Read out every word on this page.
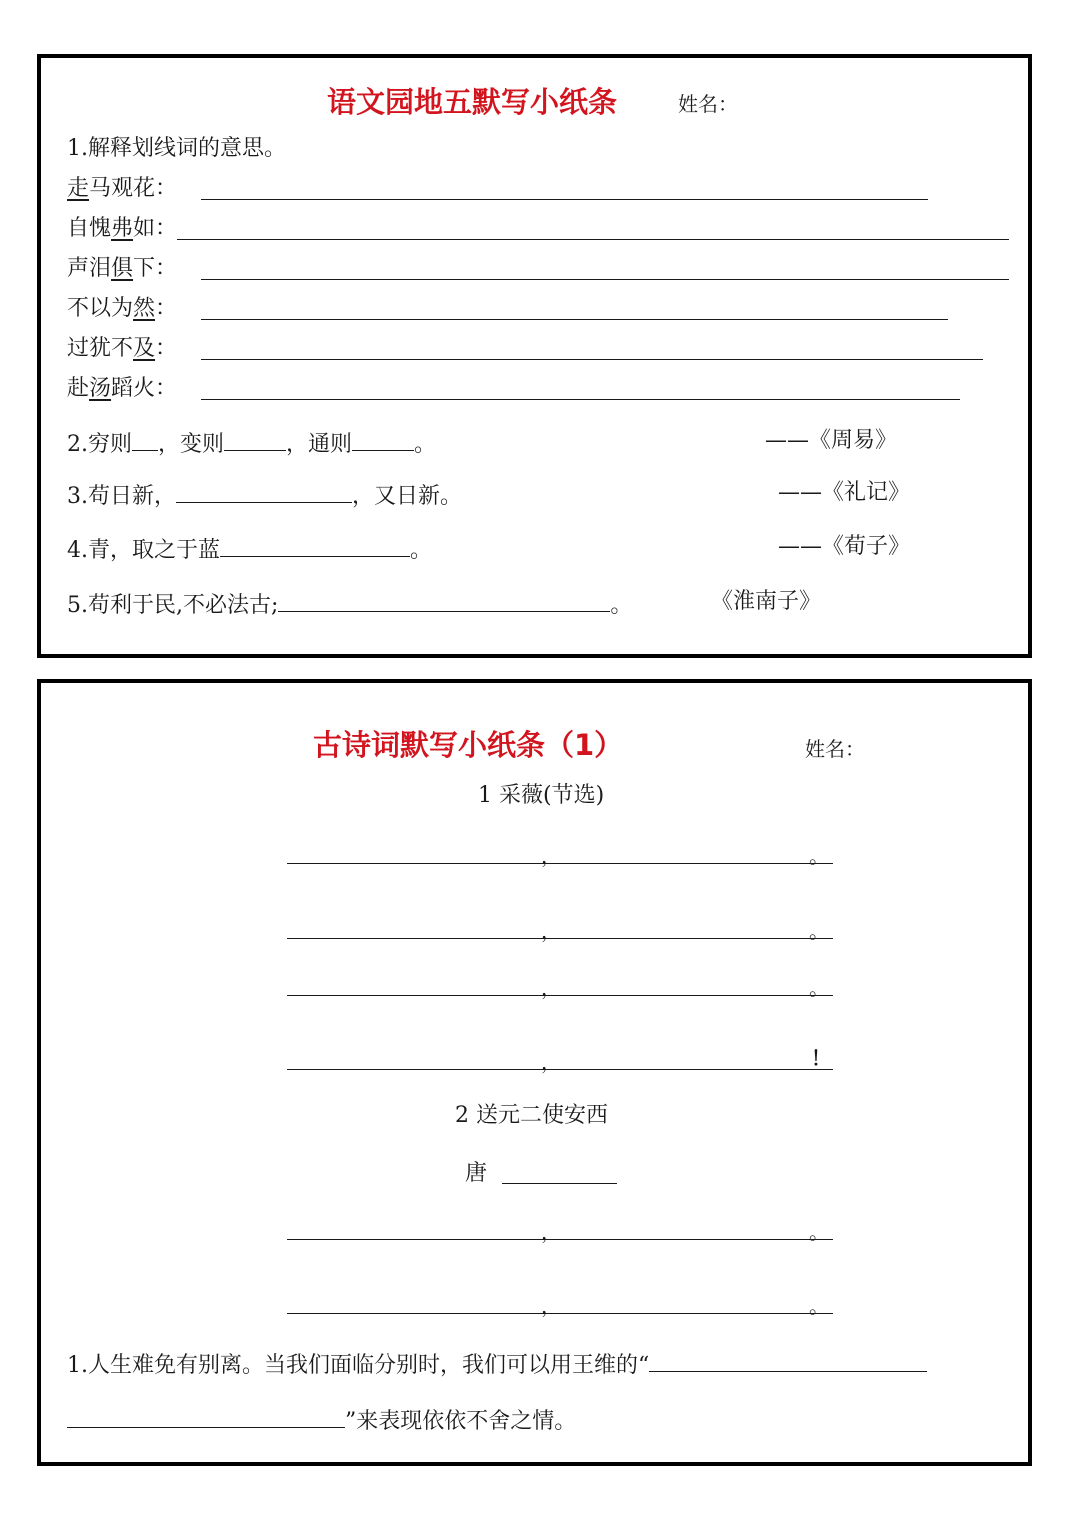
语文园地五默写小纸条	姓名：
1.解释划线词的意思。
走马观花：
自愧弗如：
声泪俱下：
不以为然：
过犹不及：
赴汤蹈火：
2.穷则 ，变则	，通则	。	——《周易》
3.苟日新，	，又日新。	——《礼记》
4.青，取之于蓝	。	——《荀子》
5.苟利于民,不必法古;	。	《淮南子》
古诗词默写小纸条（1）	姓名：
1 采薇(节选)
，	。
，	。
，	。
，	！
2 送元二使安西
唐
，	。
，	。
1.人生难免有别离。当我们面临分别时，我们可以用王维的“
”来表现依依不舍之情。
